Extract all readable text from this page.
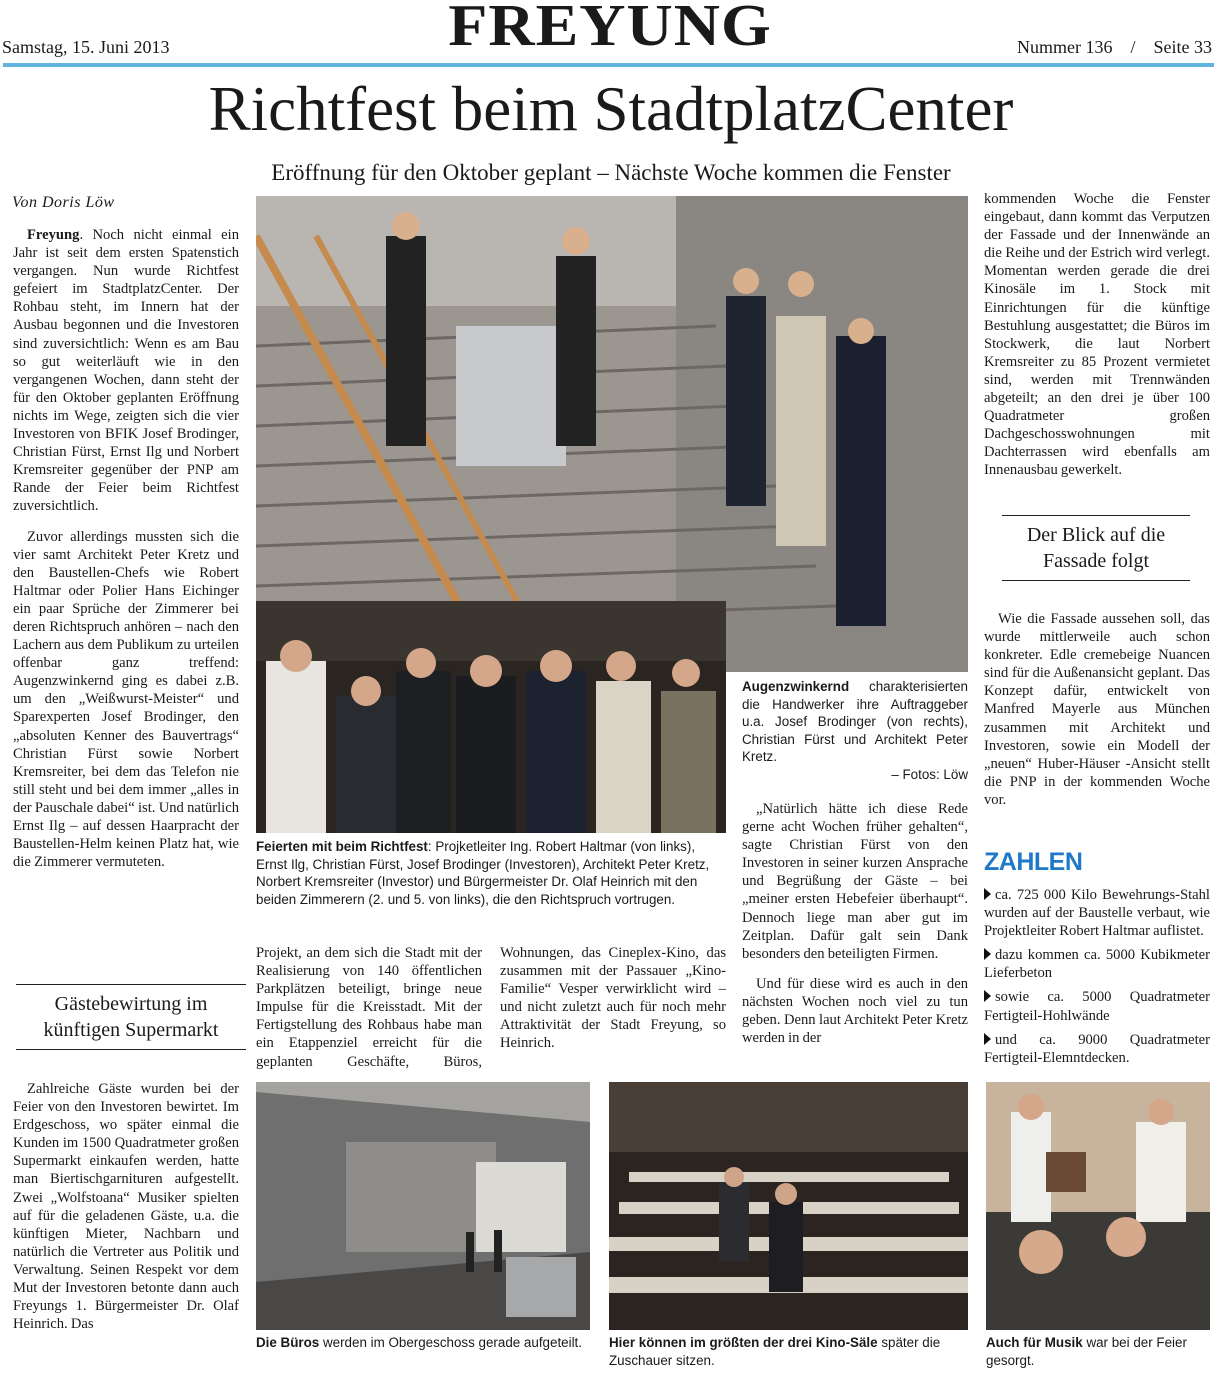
Samstag, 15. Juni 2013	FREYUNG	Nummer 136 / Seite 33
Richtfest beim StadtplatzCenter
Eröffnung für den Oktober geplant – Nächste Woche kommen die Fenster
Von Doris Löw

Freyung. Noch nicht einmal ein Jahr ist seit dem ersten Spatenstich vergangen. Nun wurde Richtfest gefeiert im StadtplatzCenter. Der Rohbau steht, im Innern hat der Ausbau begonnen und die Investoren sind zuversichtlich: Wenn es am Bau so gut weiterläuft wie in den vergangenen Wochen, dann steht der für den Oktober geplanten Eröffnung nichts im Wege, zeigten sich die vier Investoren von BFIK Josef Brodinger, Christian Fürst, Ernst Ilg und Norbert Kremsreiter gegenüber der PNP am Rande der Feier beim Richtfest zuversichtlich.

Zuvor allerdings mussten sich die vier samt Architekt Peter Kretz und den Baustellen-Chefs wie Robert Haltmar oder Polier Hans Eichinger ein paar Sprüche der Zimmerer bei deren Richtspruch anhören – nach den Lachern aus dem Publikum zu urteilen offenbar ganz treffend: Augenzwinkernd ging es dabei z.B. um den „Weißwurst-Meister“ und Sparexperten Josef Brodinger, den „absoluten Kenner des Bauvertrags“ Christian Fürst sowie Norbert Kremsreiter, bei dem das Telefon nie still steht und bei dem immer „alles in der Pauschale dabei“ ist. Und natürlich Ernst Ilg – auf dessen Haarpracht der Baustellen-Helm keinen Platz hat, wie die Zimmerer vermuteten.

Gästebewirtung im künftigen Supermarkt

Zahlreiche Gäste wurden bei der Feier von den Investoren bewirtet. Im Erdgeschoss, wo später einmal die Kunden im 1500 Quadratmeter großen Supermarkt einkaufen werden, hatte man Biertischgarnituren aufgestellt. Zwei „Wolfstoana“ Musiker spielten auf für die geladenen Gäste, u.a. die künftigen Mieter, Nachbarn und natürlich die Vertreter aus Politik und Verwaltung. Seinen Respekt vor dem Mut der Investoren betonte dann auch Freyungs 1. Bürgermeister Dr. Olaf Heinrich. Das

Feierten mit beim Richtfest: Projketleiter Ing. Robert Haltmar (von links), Ernst Ilg, Christian Fürst, Josef Brodinger (Investoren), Architekt Peter Kretz, Norbert Kremsreiter (Investor) und Bürgermeister Dr. Olaf Heinrich mit den beiden Zimmerern (2. und 5. von links), die den Richtspruch vortrugen.
Augenzwinkernd charakterisierten die Handwerker ihre Auftraggeber u.a. Josef Brodinger (von rechts), Christian Fürst und Architekt Peter Kretz.
– Fotos: Löw

Projekt, an dem sich die Stadt mit der Realisierung von 140 öffentlichen Parkplätzen beteiligt, bringe neue Impulse für die Kreisstadt. Mit der Fertigstellung des Rohbaus habe man ein Etappenziel erreicht für die geplanten Geschäfte, Büros, Wohnungen, das Cineplex-Kino, das zusammen mit der Passauer „Kino-Familie“ Vesper verwirklicht wird – und nicht zuletzt auch für noch mehr Attraktivität der Stadt Freyung, so Heinrich.

„Natürlich hätte ich diese Rede gerne acht Wochen früher gehalten“, sagte Christian Fürst von den Investoren in seiner kurzen Ansprache und Begrüßung der Gäste – bei „meiner ersten Hebefeier überhaupt“. Dennoch liege man aber gut im Zeitplan. Dafür galt sein Dank besonders den beteiligten Firmen.

Und für diese wird es auch in den nächsten Wochen noch viel zu tun geben. Denn laut Architekt Peter Kretz werden in der

kommenden Woche die Fenster eingebaut, dann kommt das Verputzen der Fassade und der Innenwände an die Reihe und der Estrich wird verlegt. Momentan werden gerade die drei Kinosäle im 1. Stock mit Einrichtungen für die künftige Bestuhlung ausgestattet; die Büros im Stockwerk, die laut Norbert Kremsreiter zu 85 Prozent vermietet sind, werden mit Trennwänden abgeteilt; an den drei je über 100 Quadratmeter großen Dachgeschosswohnungen mit Dachterrassen wird ebenfalls am Innenausbau gewerkelt.

Der Blick auf die Fassade folgt

Wie die Fassade aussehen soll, das wurde mittlerweile auch schon konkreter. Edle cremebeige Nuancen sind für die Außenansicht geplant. Das Konzept dafür, entwickelt von Manfred Mayerle aus München zusammen mit Architekt und Investoren, sowie ein Modell der „neuen“ Huber-Häuser -Ansicht stellt die PNP in der kommenden Woche vor.

ZAHLEN
ca. 725 000 Kilo Bewehrungs-Stahl wurden auf der Baustelle verbaut, wie Projektleiter Robert Haltmar auflistet.
dazu kommen ca. 5000 Kubikmeter Lieferbeton
sowie ca. 5000 Quadratmeter Fertigteil-Hohlwände
und ca. 9000 Quadratmeter Fertigteil-Elemntdecken.
Die Büros werden im Obergeschoss gerade aufgeteilt.	Hier können im größten der drei Kino-Säle später die Zuschauer sitzen.
Auch für Musik war bei der Feier gesorgt.
